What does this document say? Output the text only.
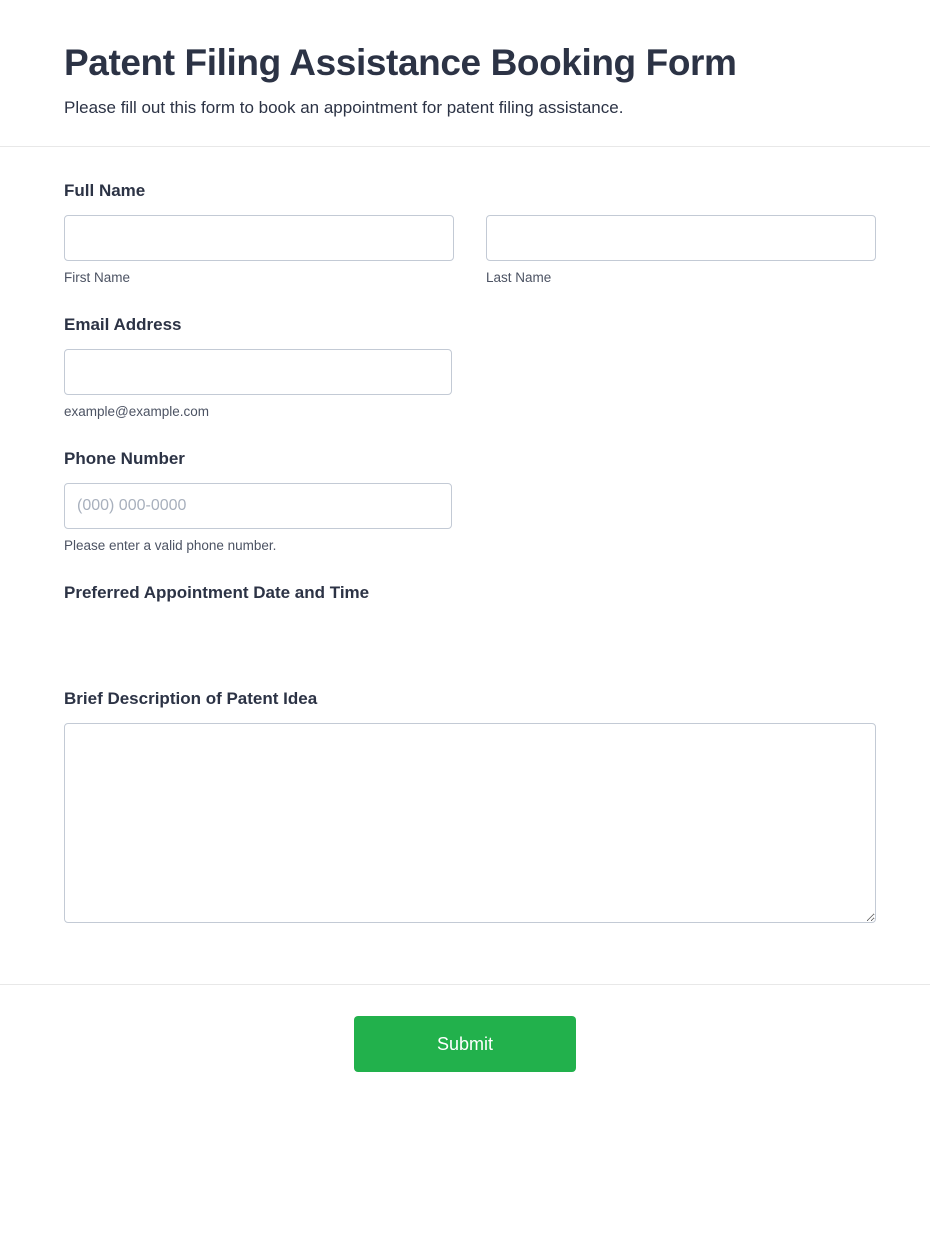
Patent Filing Assistance Booking Form

Please fill out this form to book an appointment for patent filing assistance.

Full Name
First Name	Last Name
Email Address
example@example.com
Phone Number
(000) 000-0000
Please enter a valid phone number.
Preferred Appointment Date and Time
Brief Description of Patent Idea
Submit
